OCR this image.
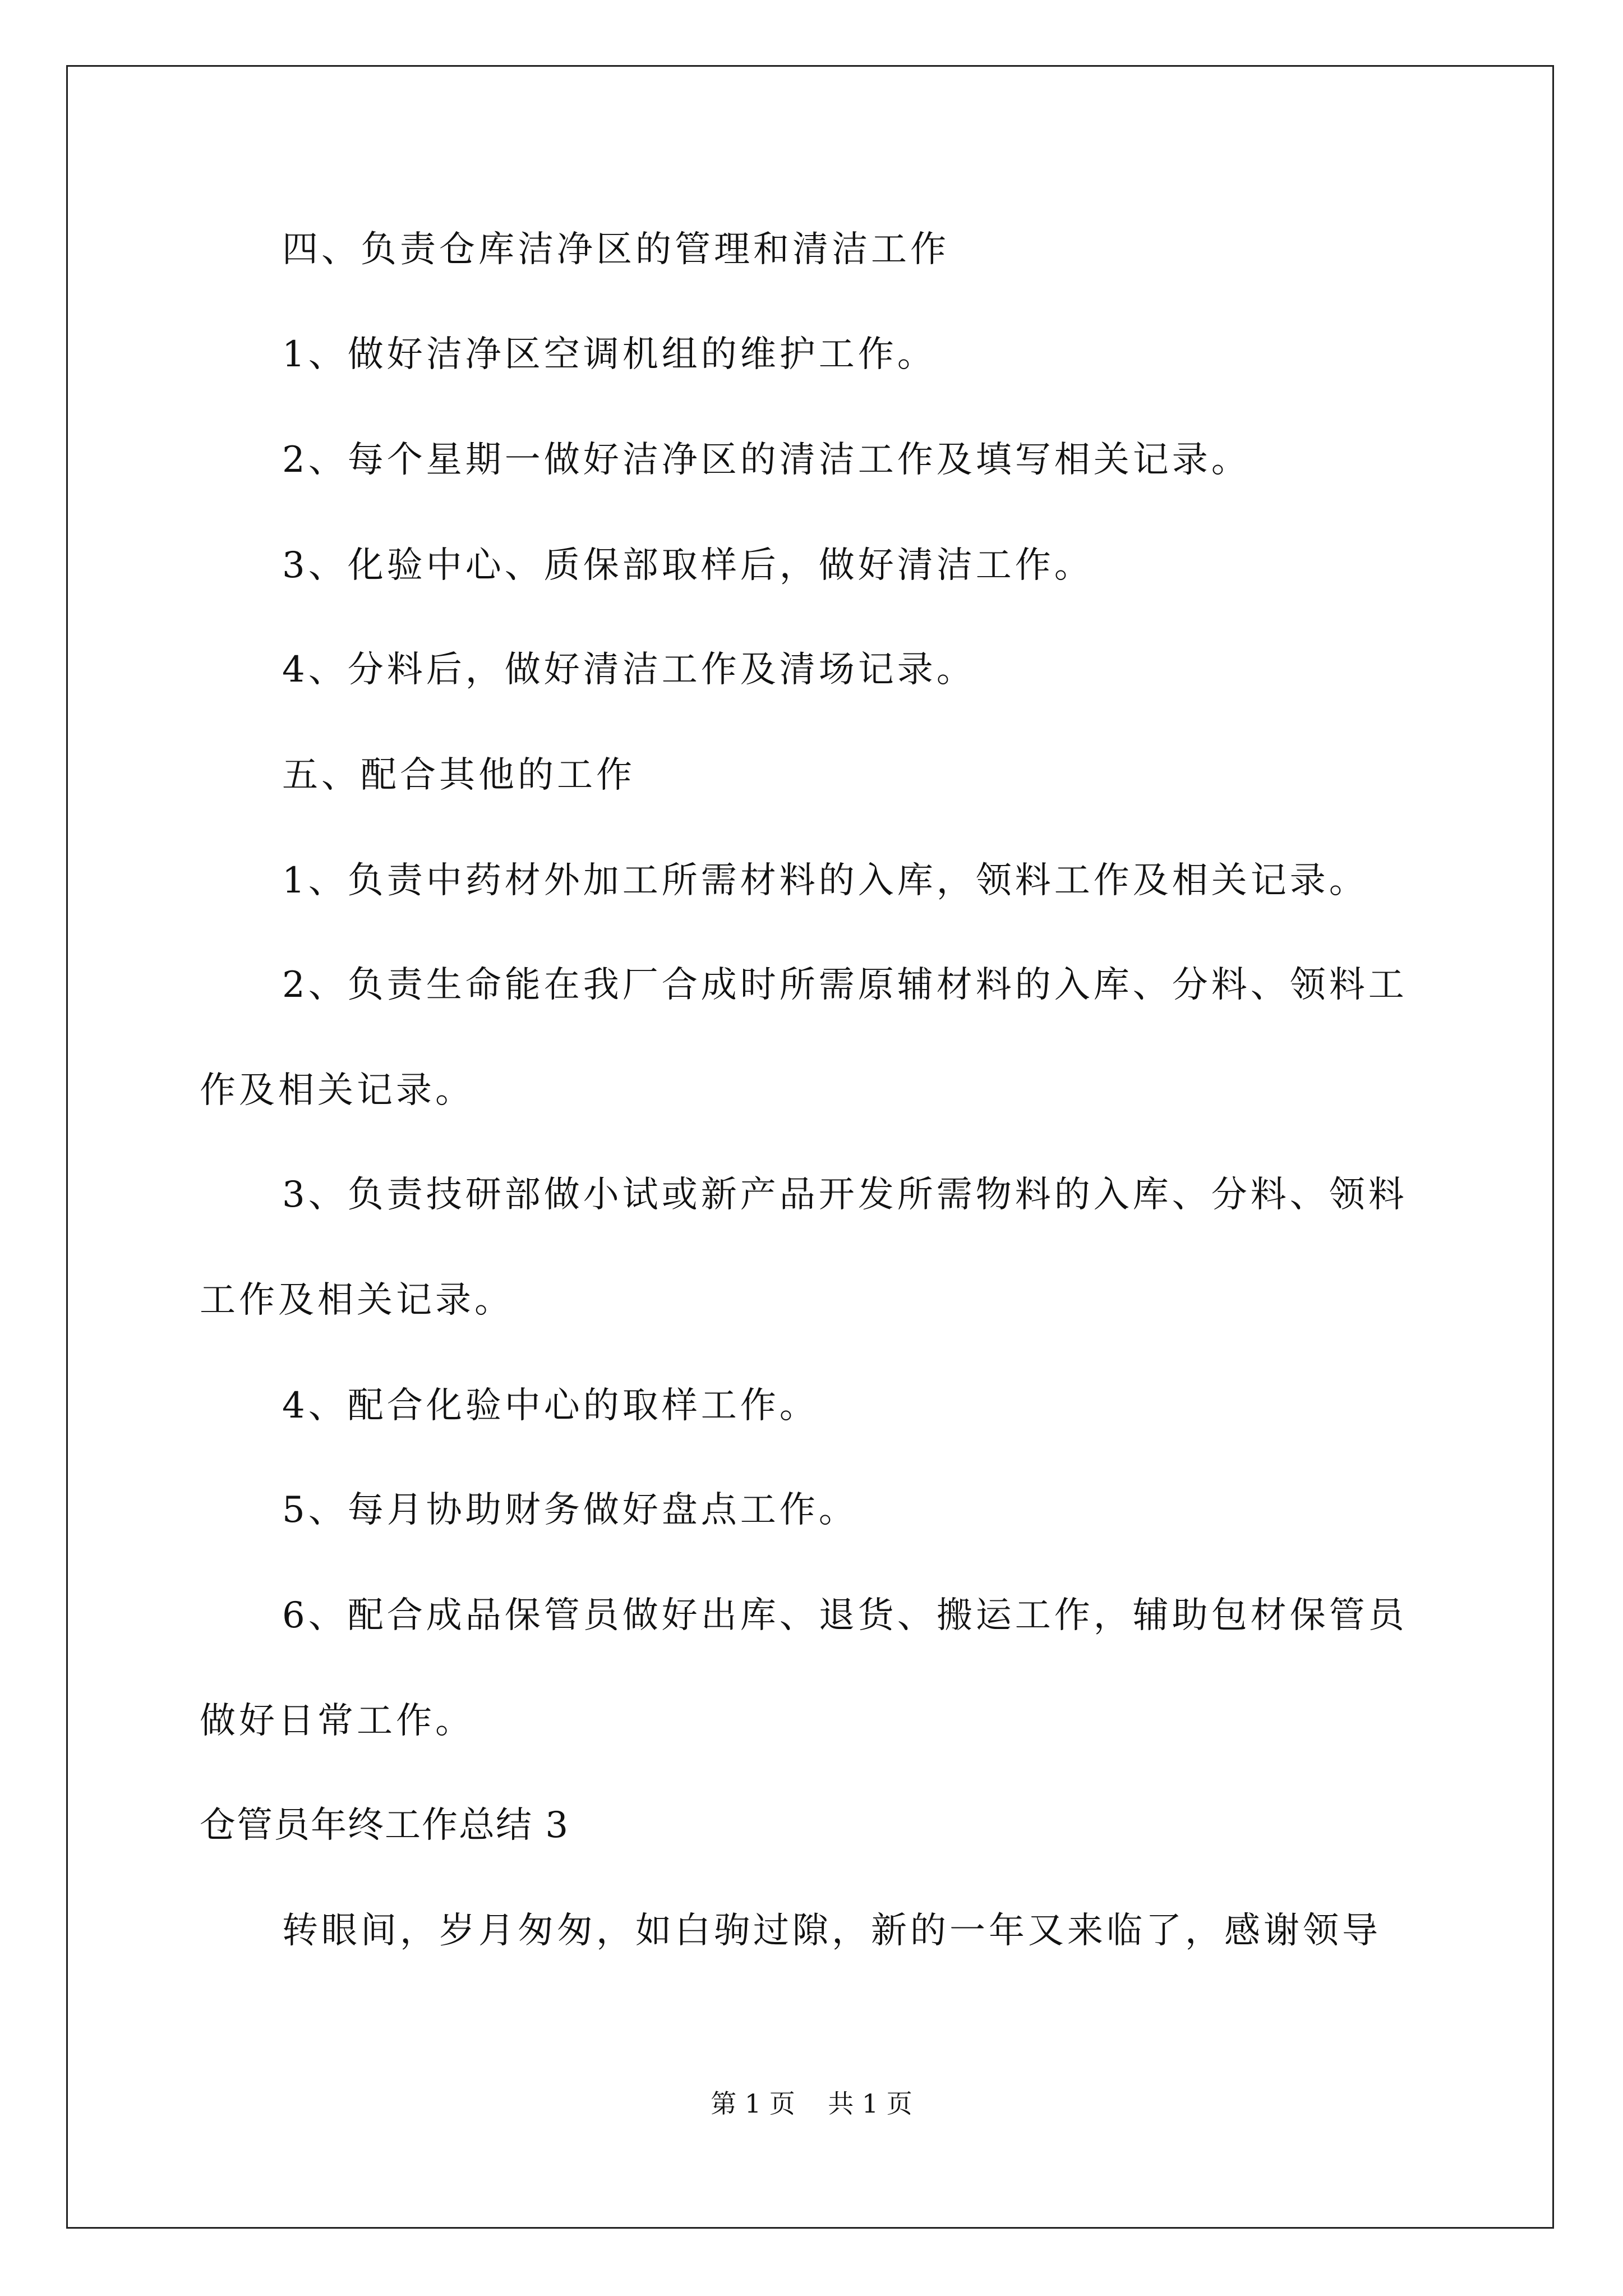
四、负责仓库洁净区的管理和清洁工作
1、做好洁净区空调机组的维护工作。
2、每个星期一做好洁净区的清洁工作及填写相关记录。
3、化验中心、质保部取样后，做好清洁工作。
4、分料后，做好清洁工作及清场记录。
五、配合其他的工作
1、负责中药材外加工所需材料的入库，领料工作及相关记录。
2、负责生命能在我厂合成时所需原辅材料的入库、分料、领料工
作及相关记录。
3、负责技研部做小试或新产品开发所需物料的入库、分料、领料
工作及相关记录。
4、配合化验中心的取样工作。
5、每月协助财务做好盘点工作。
6、配合成品保管员做好出库、退货、搬运工作，辅助包材保管员
做好日常工作。
仓管员年终工作总结 3
转眼间，岁月匆匆，如白驹过隙，新的一年又来临了，感谢领导
第 1 页    共 1 页
